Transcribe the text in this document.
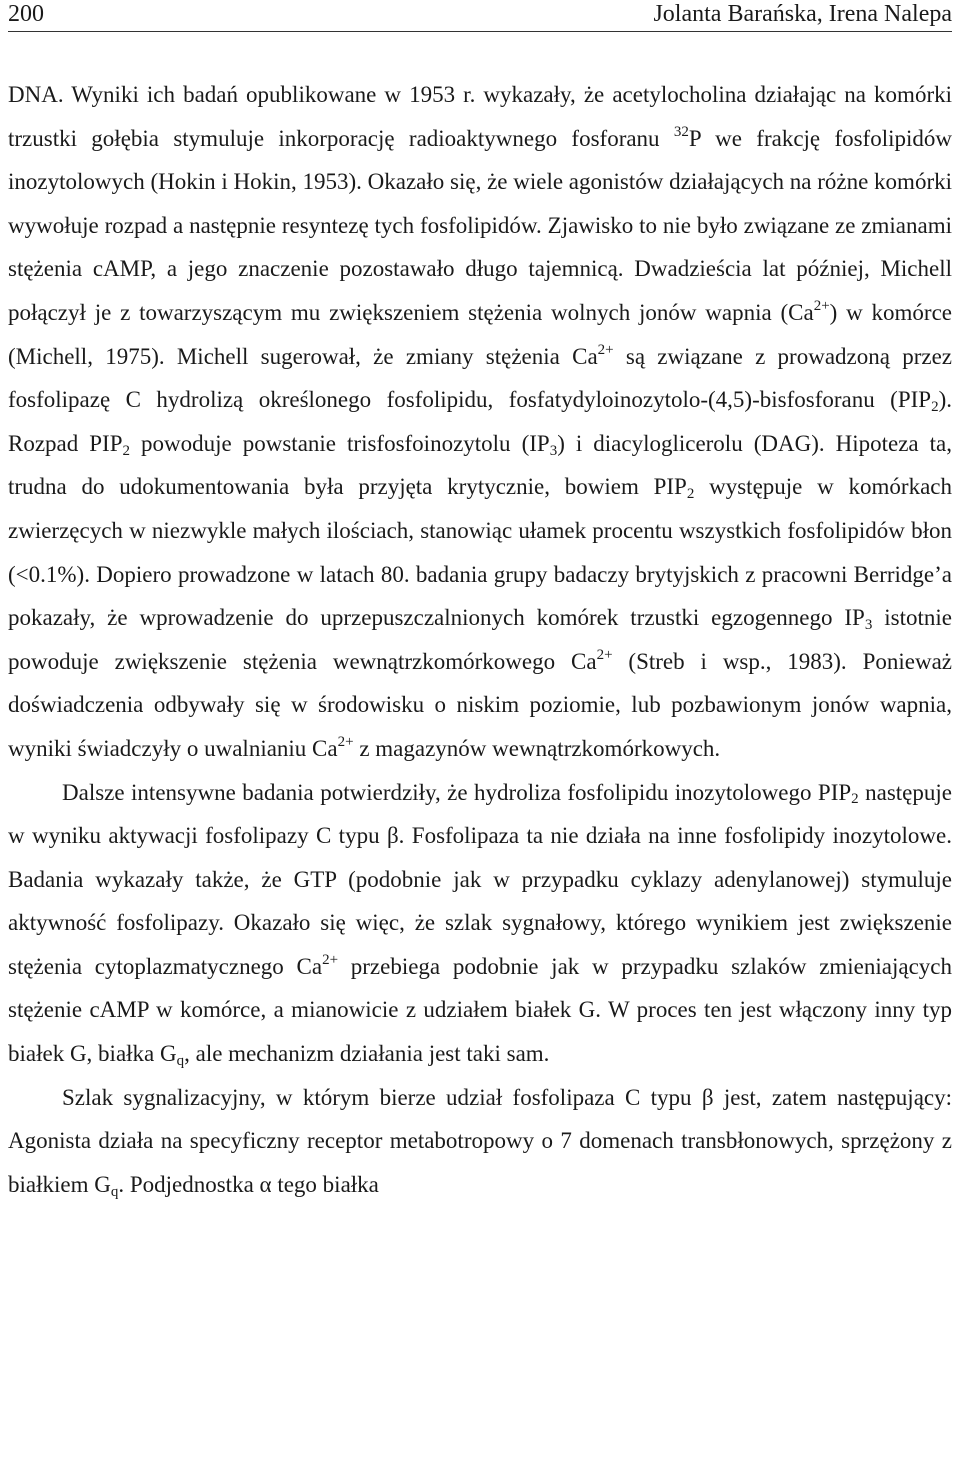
200	Jolanta Barańska, Irena Nalepa

DNA. Wyniki ich badań opublikowane w 1953 r. wykazały, że acetylocholina działając na komórki trzustki gołębia stymuluje inkorporację radioaktywnego fosforanu $^{32}$P we frakcję fosfolipidów inozytolowych (Hokin i Hokin, 1953). Okazało się, że wiele agonistów działających na różne komórki wywołuje rozpad a następnie resyntezę tych fosfolipidów. Zjawisko to nie było związane ze zmianami stężenia cAMP, a jego znaczenie pozostawało długo tajemnicą. Dwadzieścia lat później, Michell połączył je z towarzyszącym mu zwiększeniem stężenia wolnych jonów wapnia $(Ca^{2+})$ w komórce (Michell, 1975). Michell sugerował, że zmiany stężenia $Ca^{2+}$ są związane z prowadzoną przez fosfolipazę C hydrolizą określonego fosfolipidu, fosfatydyloinozytolo-(4,5)-bisfosforanu $(PIP_2)$. Rozpad $PIP_2$ powoduje powstanie trisfosfoinozytolu $(IP_3)$ i diacyloglicerolu (DAG). Hipoteza ta, trudna do udokumentowania była przyjęta krytycznie, bowiem $PIP_2$ występuje w komórkach zwierzęcych w niezwykle małych ilościach, stanowiąc ułamek procentu wszystkich fosfolipidów błon (<0.1%). Dopiero prowadzone w latach 80. badania grupy badaczy brytyjskich z pracowni Berridge’a pokazały, że wprowadzenie do uprzepuszczalnionych komórek trzustki egzogennego $IP_3$ istotnie powoduje zwiększenie stężenia wewnątrzkomórkowego $Ca^{2+}$ (Streb i wsp., 1983). Ponieważ doświadczenia odbywały się w środowisku o niskim poziomie, lub pozbawionym jonów wapnia, wyniki świadczyły o uwalnianiu $Ca^{2+}$ z magazynów wewnątrzkomórkowych.

Dalsze intensywne badania potwierdziły, że hydroliza fosfolipidu inozytolowego $PIP_2$ następuje w wyniku aktywacji fosfolipazy C typu β. Fosfolipaza ta nie działa na inne fosfolipidy inozytolowe. Badania wykazały także, że GTP (podobnie jak w przypadku cyklazy adenylanowej) stymuluje aktywność fosfolipazy. Okazało się więc, że szlak sygnałowy, którego wynikiem jest zwiększenie stężenia cytoplazmatycznego $Ca^{2+}$ przebiega podobnie jak w przypadku szlaków zmieniających stężenie cAMP w komórce, a mianowicie z udziałem białek G. W proces ten jest włączony inny typ białek G, białka $G_q$, ale mechanizm działania jest taki sam.

Szlak sygnalizacyjny, w którym bierze udział fosfolipaza C typu β jest, zatem następujący: Agonista działa na specyficzny receptor metabotropowy o 7 domenach transbłonowych, sprzężony z białkiem $G_q$. Podjednostka α tego białka
